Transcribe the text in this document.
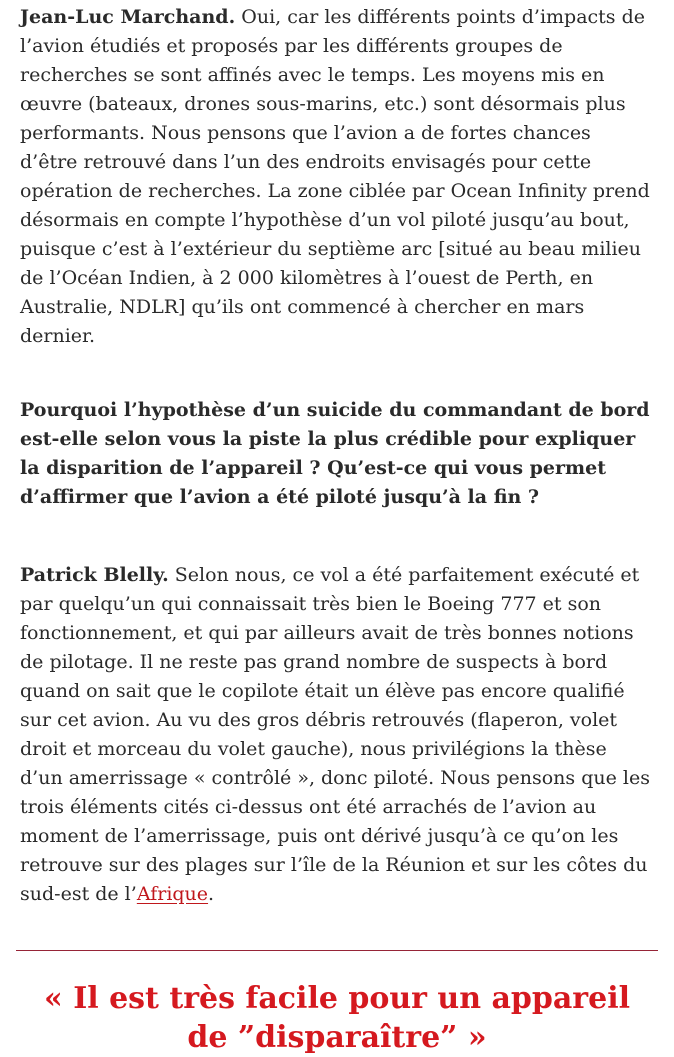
Jean-Luc Marchand. Oui, car les différents points d’impacts de l’avion étudiés et proposés par les différents groupes de recherches se sont affinés avec le temps. Les moyens mis en œuvre (bateaux, drones sous-marins, etc.) sont désormais plus performants. Nous pensons que l’avion a de fortes chances d’être retrouvé dans l’un des endroits envisagés pour cette opération de recherches. La zone ciblée par Ocean Infinity prend désormais en compte l’hypothèse d’un vol piloté jusqu’au bout, puisque c’est à l’extérieur du septième arc [situé au beau milieu de l’Océan Indien, à 2 000 kilomètres à l’ouest de Perth, en Australie, NDLR] qu’ils ont commencé à chercher en mars dernier.

Pourquoi l’hypothèse d’un suicide du commandant de bord est-elle selon vous la piste la plus crédible pour expliquer la disparition de l’appareil ? Qu’est-ce qui vous permet d’affirmer que l’avion a été piloté jusqu’à la fin ?

Patrick Blelly. Selon nous, ce vol a été parfaitement exécuté et par quelqu’un qui connaissait très bien le Boeing 777 et son fonctionnement, et qui par ailleurs avait de très bonnes notions de pilotage. Il ne reste pas grand nombre de suspects à bord quand on sait que le copilote était un élève pas encore qualifié sur cet avion. Au vu des gros débris retrouvés (flaperon, volet droit et morceau du volet gauche), nous privilégions la thèse d’un amerrissage « contrôlé », donc piloté. Nous pensons que les trois éléments cités ci-dessus ont été arrachés de l’avion au moment de l’amerrissage, puis ont dérivé jusqu’à ce qu’on les retrouve sur des plages sur l’île de la Réunion et sur les côtes du sud-est de l’Afrique.

« Il est très facile pour un appareil de ”disparaître” »
